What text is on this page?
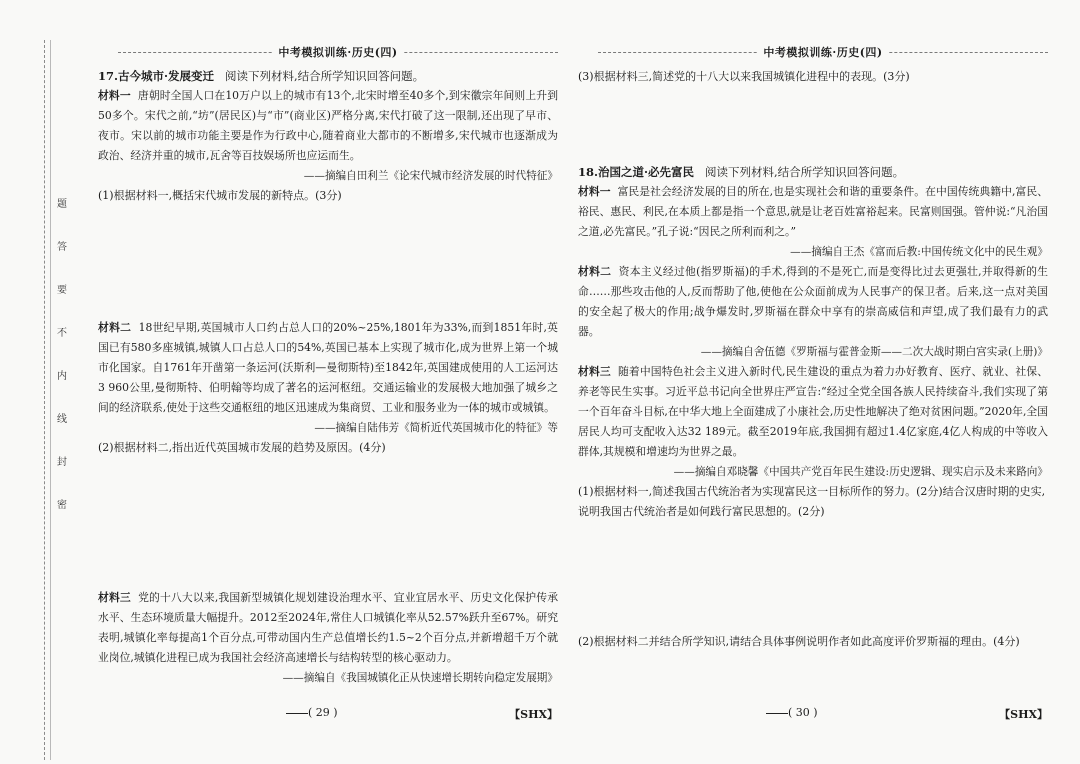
题
答
要
不
内
线
封
密
中考模拟训练·历史(四)
17.古今城市·发展变迁 阅读下列材料,结合所学知识回答问题。
材料一 唐朝时全国人口在10万户以上的城市有13个,北宋时增至40多个,到宋徽宗年间则上升到50多个。宋代之前,“坊”(居民区)与“市”(商业区)严格分离,宋代打破了这一限制,还出现了早市、夜市。宋以前的城市功能主要是作为行政中心,随着商业大都市的不断增多,宋代城市也逐渐成为政治、经济并重的城市,瓦舍等百技娱场所也应运而生。
——摘编自田利兰《论宋代城市经济发展的时代特征》
(1)根据材料一,概括宋代城市发展的新特点。(3分)
材料二 18世纪早期,英国城市人口约占总人口的20%~25%,1801年为33%,而到1851年时,英国已有580多座城镇,城镇人口占总人口的54%,英国已基本上实现了城市化,成为世界上第一个城市化国家。自1761年开凿第一条运河(沃斯利—曼彻斯特)至1842年,英国建成使用的人工运河达3 960公里,曼彻斯特、伯明翰等均成了著名的运河枢纽。交通运输业的发展极大地加强了城乡之间的经济联系,使处于这些交通枢纽的地区迅速成为集商贸、工业和服务业为一体的城市或城镇。
——摘编自陆伟芳《简析近代英国城市化的特征》等
(2)根据材料二,指出近代英国城市发展的趋势及原因。(4分)
材料三 党的十八大以来,我国新型城镇化规划建设治理水平、宜业宜居水平、历史文化保护传承水平、生态环境质量大幅提升。2012至2024年,常住人口城镇化率从52.57%跃升至67%。研究表明,城镇化率每提高1个百分点,可带动国内生产总值增长约1.5~2个百分点,并新增超千万个就业岗位,城镇化进程已成为我国社会经济高速增长与结构转型的核心驱动力。
——摘编自《我国城镇化正从快速增长期转向稳定发展期》
( 29 )	【SHX】
中考模拟训练·历史(四)
(3)根据材料三,简述党的十八大以来我国城镇化进程中的表现。(3分)
18.治国之道·必先富民 阅读下列材料,结合所学知识回答问题。
材料一 富民是社会经济发展的目的所在,也是实现社会和谐的重要条件。在中国传统典籍中,富民、裕民、惠民、利民,在本质上都是指一个意思,就是让老百姓富裕起来。民富则国强。管仲说:“凡治国之道,必先富民。”孔子说:“因民之所利而利之。”
——摘编自王杰《富而后教:中国传统文化中的民生观》
材料二 资本主义经过他(指罗斯福)的手术,得到的不是死亡,而是变得比过去更强壮,并取得新的生命……那些攻击他的人,反而帮助了他,使他在公众面前成为人民事产的保卫者。后来,这一点对美国的安全起了极大的作用;战争爆发时,罗斯福在群众中享有的崇高威信和声望,成了我们最有力的武器。
——摘编自舍伍德《罗斯福与霍普金斯——二次大战时期白宫实录(上册)》
材料三 随着中国特色社会主义进入新时代,民生建设的重点为着力办好教育、医疗、就业、社保、养老等民生实事。习近平总书记向全世界庄严宣告:“经过全党全国各族人民持续奋斗,我们实现了第一个百年奋斗目标,在中华大地上全面建成了小康社会,历史性地解决了绝对贫困问题。”2020年,全国居民人均可支配收入达32 189元。截至2019年底,我国拥有超过1.4亿家庭,4亿人构成的中等收入群体,其规模和增速均为世界之最。
——摘编自邓晓馨《中国共产党百年民生建设:历史逻辑、现实启示及未来路向》
(1)根据材料一,简述我国古代统治者为实现富民这一目标所作的努力。(2分)结合汉唐时期的史实,说明我国古代统治者是如何践行富民思想的。(2分)
(2)根据材料二并结合所学知识,请结合具体事例说明作者如此高度评价罗斯福的理由。(4分)
( 30 )	【SHX】
